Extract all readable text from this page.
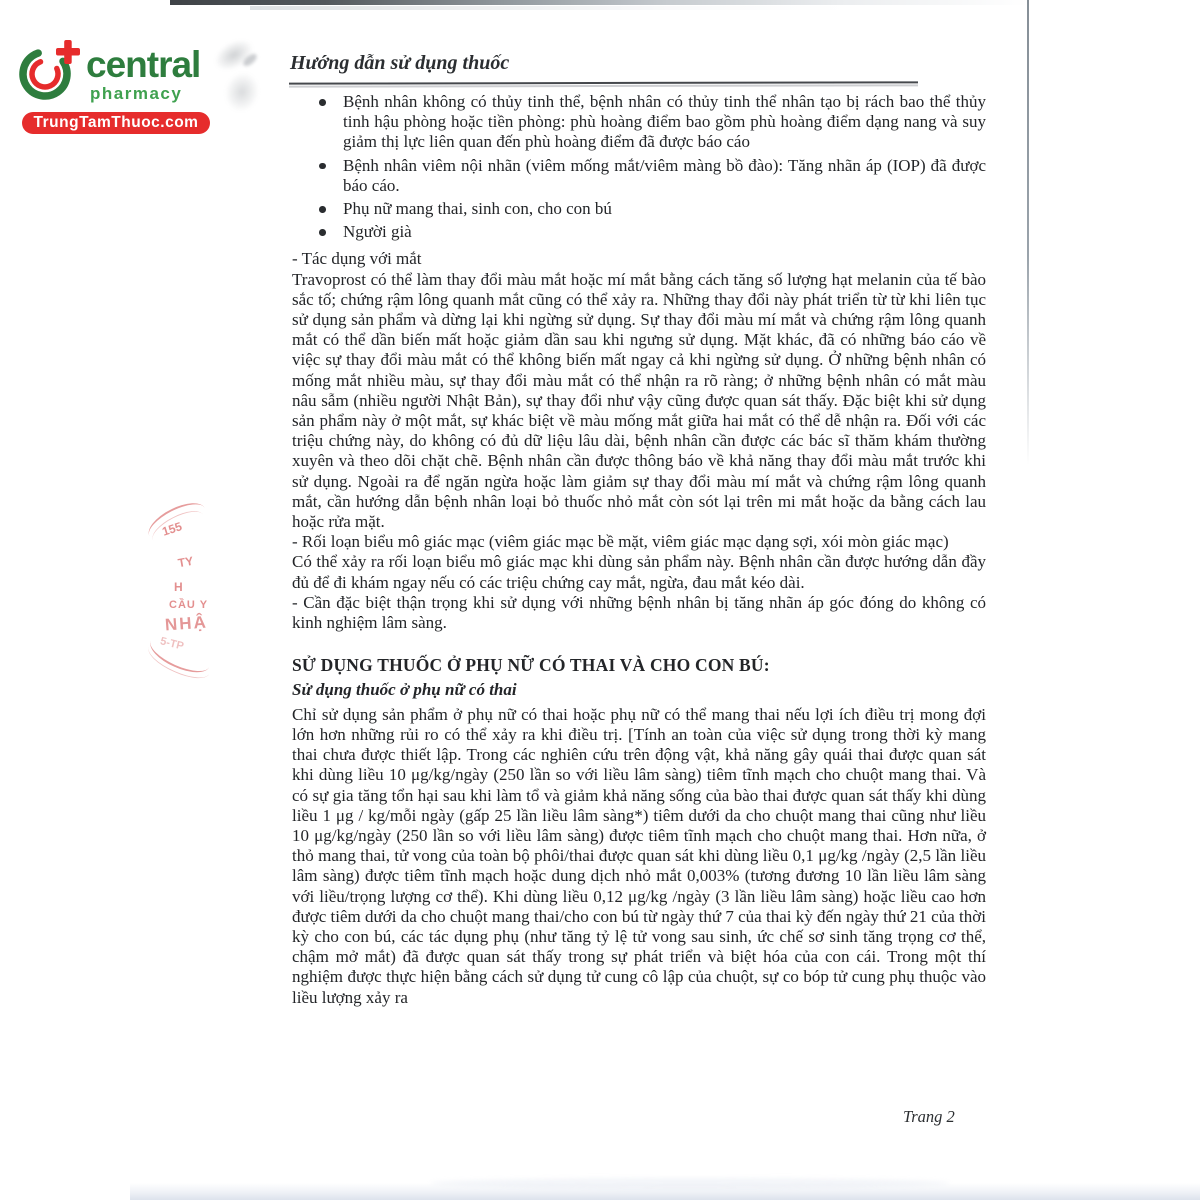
central
pharmacy
TrungTamThuoc.com
Hướng dẫn sử dụng thuốc
155
TY
H
CẦU Y
NHẬ
5-TP
Bệnh nhân không có thủy tinh thể, bệnh nhân có thủy tinh thể nhân tạo bị rách bao thể thủy tinh hậu phòng hoặc tiền phòng: phù hoàng điểm bao gồm phù hoàng điểm dạng nang và suy giảm thị lực liên quan đến phù hoàng điểm đã được báo cáo
Bệnh nhân viêm nội nhãn (viêm mống mắt/viêm màng bồ đào): Tăng nhãn áp (IOP) đã được báo cáo.
Phụ nữ mang thai, sinh con, cho con bú
Người già

- Tác dụng với mắt

Travoprost có thể làm thay đổi màu mắt hoặc mí mắt bằng cách tăng số lượng hạt melanin của tế bào sắc tố; chứng rậm lông quanh mắt cũng có thể xảy ra. Những thay đổi này phát triển từ từ khi liên tục sử dụng sản phẩm và dừng lại khi ngừng sử dụng. Sự thay đổi màu mí mắt và chứng rậm lông quanh mắt có thể dần biến mất hoặc giảm dần sau khi ngưng sử dụng. Mặt khác, đã có những báo cáo về việc sự thay đổi màu mắt có thể không biến mất ngay cả khi ngừng sử dụng. Ở những bệnh nhân có mống mắt nhiều màu, sự thay đổi màu mắt có thể nhận ra rõ ràng; ở những bệnh nhân có mắt màu nâu sẫm (nhiều người Nhật Bản), sự thay đổi như vậy cũng được quan sát thấy. Đặc biệt khi sử dụng sản phẩm này ở một mắt, sự khác biệt về màu mống mắt giữa hai mắt có thể dễ nhận ra. Đối với các triệu chứng này, do không có đủ dữ liệu lâu dài, bệnh nhân cần được các bác sĩ thăm khám thường xuyên và theo dõi chặt chẽ. Bệnh nhân cần được thông báo về khả năng thay đổi màu mắt trước khi sử dụng. Ngoài ra để ngăn ngừa hoặc làm giảm sự thay đổi màu mí mắt và chứng rậm lông quanh mắt, cần hướng dẫn bệnh nhân loại bỏ thuốc nhỏ mắt còn sót lại trên mi mắt hoặc da bằng cách lau hoặc rửa mặt.

- Rối loạn biểu mô giác mạc (viêm giác mạc bề mặt, viêm giác mạc dạng sợi, xói mòn giác mạc)

Có thể xảy ra rối loạn biểu mô giác mạc khi dùng sản phẩm này. Bệnh nhân cần được hướng dẫn đầy đủ để đi khám ngay nếu có các triệu chứng cay mắt, ngừa, đau mắt kéo dài.

- Cần đặc biệt thận trọng khi sử dụng với những bệnh nhân bị tăng nhãn áp góc đóng do không có kinh nghiệm lâm sàng.

SỬ DỤNG THUỐC Ở PHỤ NỮ CÓ THAI VÀ CHO CON BÚ:

Sử dụng thuốc ở phụ nữ có thai

Chỉ sử dụng sản phẩm ở phụ nữ có thai hoặc phụ nữ có thể mang thai nếu lợi ích điều trị mong đợi lớn hơn những rủi ro có thể xảy ra khi điều trị. [Tính an toàn của việc sử dụng trong thời kỳ mang thai chưa được thiết lập. Trong các nghiên cứu trên động vật, khả năng gây quái thai được quan sát khi dùng liều 10 μg/kg/ngày (250 lần so với liều lâm sàng) tiêm tĩnh mạch cho chuột mang thai. Và có sự gia tăng tổn hại sau khi làm tổ và giảm khả năng sống của bào thai được quan sát thấy khi dùng liều 1 μg / kg/mỗi ngày (gấp 25 lần liều lâm sàng*) tiêm dưới da cho chuột mang thai cũng như liều 10 μg/kg/ngày (250 lần so với liều lâm sàng) được tiêm tĩnh mạch cho chuột mang thai. Hơn nữa, ở thỏ mang thai, tử vong của toàn bộ phôi/thai được quan sát khi dùng liều 0,1 μg/kg /ngày (2,5 lần liều lâm sàng) được tiêm tĩnh mạch hoặc dung dịch nhỏ mắt 0,003% (tương đương 10 lần liều lâm sàng với liều/trọng lượng cơ thể). Khi dùng liều 0,12 μg/kg /ngày (3 lần liều lâm sàng) hoặc liều cao hơn được tiêm dưới da cho chuột mang thai/cho con bú từ ngày thứ 7 của thai kỳ đến ngày thứ 21 của thời kỳ cho con bú, các tác dụng phụ (như tăng tỷ lệ tử vong sau sinh, ức chế sơ sinh tăng trọng cơ thể, chậm mở mắt) đã được quan sát thấy trong sự phát triển và biệt hóa của con cái. Trong một thí nghiệm được thực hiện bằng cách sử dụng tử cung cô lập của chuột, sự co bóp tử cung phụ thuộc vào liều lượng xảy ra

Trang 2
